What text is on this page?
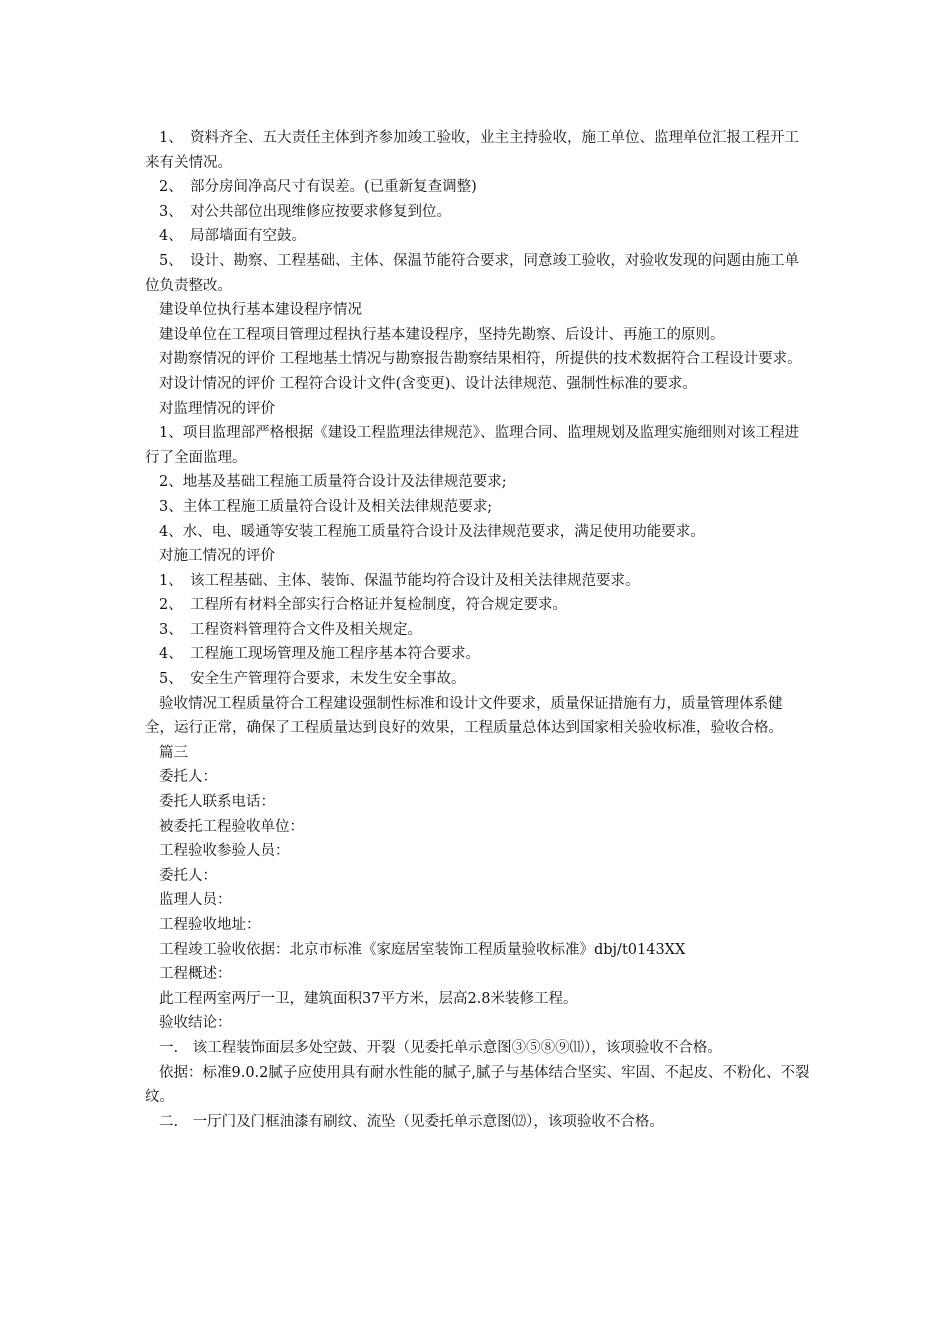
1、　资料齐全、五大责任主体到齐参加竣工验收，业主主持验收，施工单位、监理单位汇报工程开工来有关情况。

2、　部分房间净高尺寸有误差。(已重新复查调整)

3、　对公共部位出现维修应按要求修复到位。

4、　局部墙面有空鼓。

5、　设计、勘察、工程基础、主体、保温节能符合要求，同意竣工验收，对验收发现的问题由施工单位负责整改。

建设单位执行基本建设程序情况

建设单位在工程项目管理过程执行基本建设程序，坚持先勘察、后设计、再施工的原则。

对勘察情况的评价 工程地基土情况与勘察报告勘察结果相符，所提供的技术数据符合工程设计要求。

对设计情况的评价 工程符合设计文件(含变更)、设计法律规范、强制性标准的要求。

对监理情况的评价

1、项目监理部严格根据《建设工程监理法律规范》、监理合同、监理规划及监理实施细则对该工程进行了全面监理。

2、地基及基础工程施工质量符合设计及法律规范要求;

3、主体工程施工质量符合设计及相关法律规范要求;

4、水、电、暖通等安装工程施工质量符合设计及法律规范要求，满足使用功能要求。

对施工情况的评价

1、　该工程基础、主体、装饰、保温节能均符合设计及相关法律规范要求。

2、　工程所有材料全部实行合格证并复检制度，符合规定要求。

3、　工程资料管理符合文件及相关规定。

4、　工程施工现场管理及施工程序基本符合要求。

5、　安全生产管理符合要求，未发生安全事故。

验收情况工程质量符合工程建设强制性标准和设计文件要求，质量保证措施有力，质量管理体系健全，运行正常，确保了工程质量达到良好的效果，工程质量总体达到国家相关验收标准，验收合格。

篇三

委托人：

委托人联系电话：

被委托工程验收单位：

工程验收参验人员：

委托人：

监理人员：

工程验收地址：

工程竣工验收依据：北京市标准《家庭居室装饰工程质量验收标准》dbj/t0143XX

工程概述：

此工程两室两厅一卫，建筑面积37平方米，层高2.8米装修工程。

验收结论：

一.　该工程装饰面层多处空鼓、开裂（见委托单示意图③⑤⑧⑨⑾），该项验收不合格。

依据：标准9.0.2腻子应使用具有耐水性能的腻子,腻子与基体结合坚实、牢固、不起皮、不粉化、不裂纹。

二.　一厅门及门框油漆有刷纹、流坠（见委托单示意图⑿），该项验收不合格。
